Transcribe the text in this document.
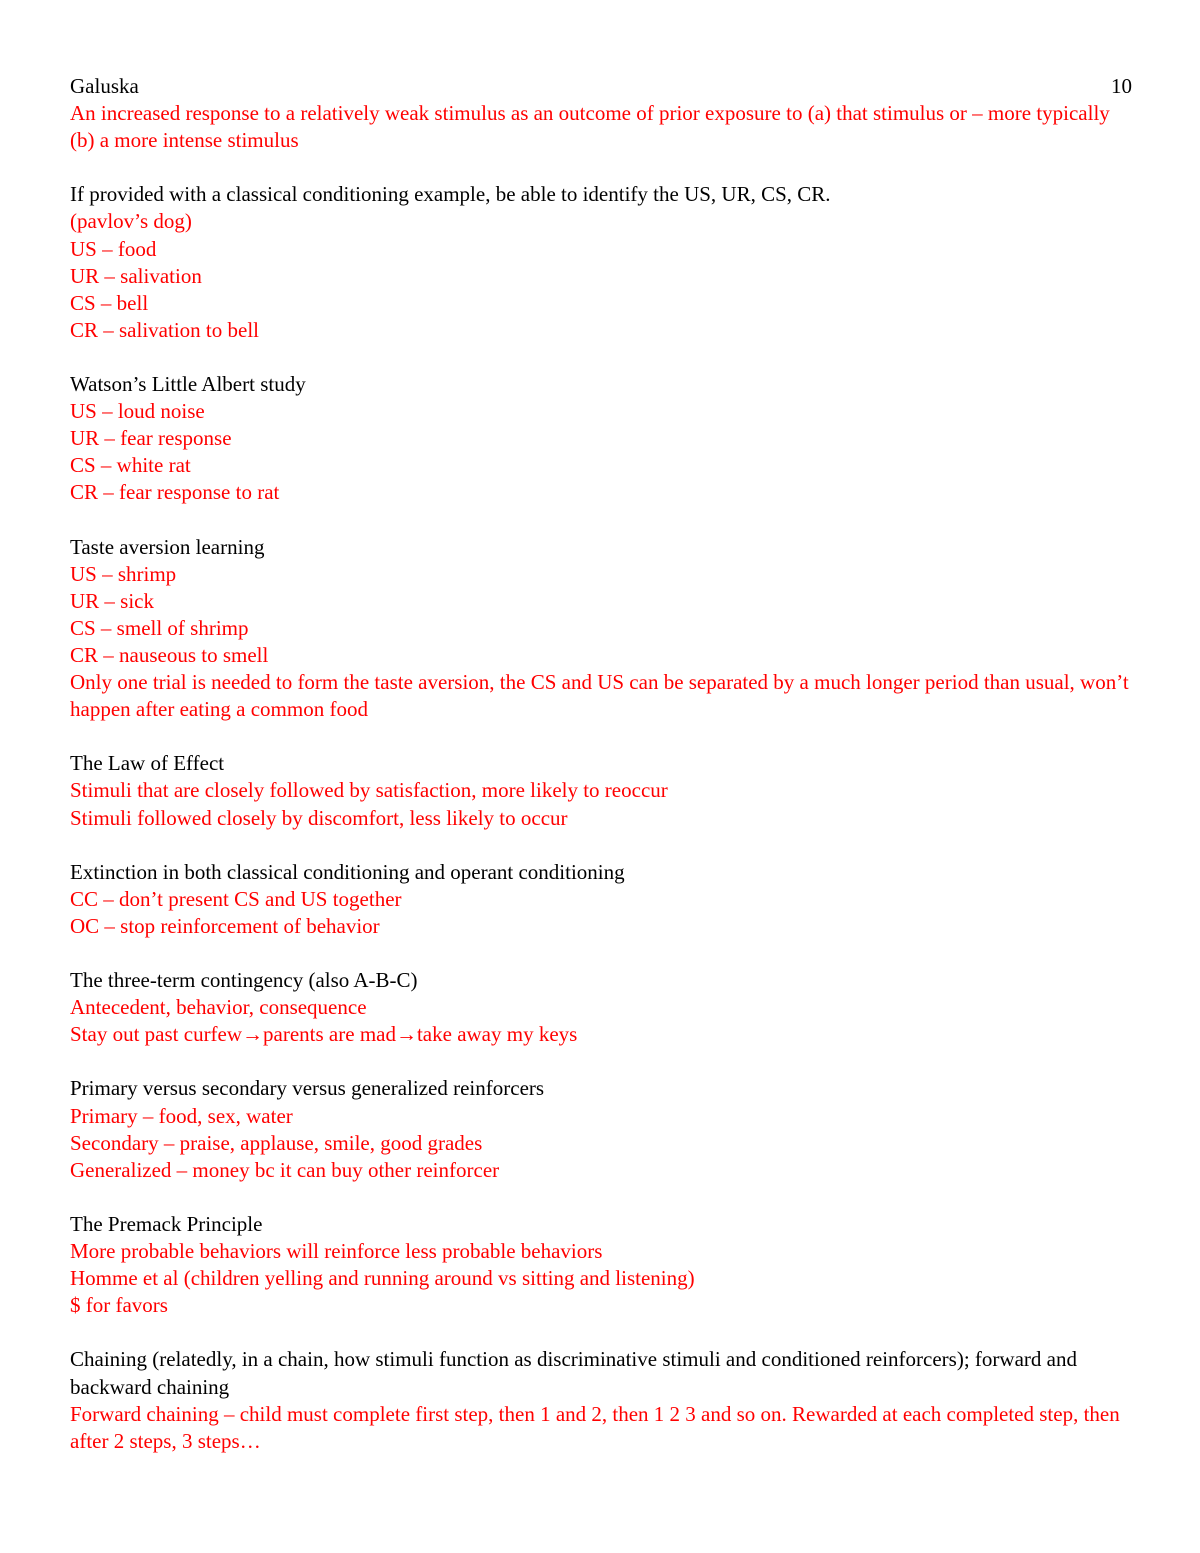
Galuska	10
An increased response to a relatively weak stimulus as an outcome of prior exposure to (a) that stimulus or – more typically (b) a more intense stimulus
If provided with a classical conditioning example, be able to identify the US, UR, CS, CR.
(pavlov’s dog)
US – food
UR – salivation
CS – bell
CR – salivation to bell
Watson’s Little Albert study
US – loud noise
UR – fear response
CS – white rat
CR – fear response to rat
Taste aversion learning
US – shrimp
UR – sick
CS – smell of shrimp
CR – nauseous to smell
Only one trial is needed to form the taste aversion, the CS and US can be separated by a much longer period than usual, won’t happen after eating a common food
The Law of Effect
Stimuli that are closely followed by satisfaction, more likely to reoccur
Stimuli followed closely by discomfort, less likely to occur
Extinction in both classical conditioning and operant conditioning
CC – don’t present CS and US together
OC – stop reinforcement of behavior
The three-term contingency (also A-B-C)
Antecedent, behavior, consequence
Stay out past curfew→parents are mad→take away my keys
Primary versus secondary versus generalized reinforcers
Primary – food, sex, water
Secondary – praise, applause, smile, good grades
Generalized – money bc it can buy other reinforcer
The Premack Principle
More probable behaviors will reinforce less probable behaviors
Homme et al (children yelling and running around vs sitting and listening)
$ for favors
Chaining (relatedly, in a chain, how stimuli function as discriminative stimuli and conditioned reinforcers); forward and backward chaining
Forward chaining – child must complete first step, then 1 and 2, then 1 2 3 and so on. Rewarded at each completed step, then after 2 steps, 3 steps…
